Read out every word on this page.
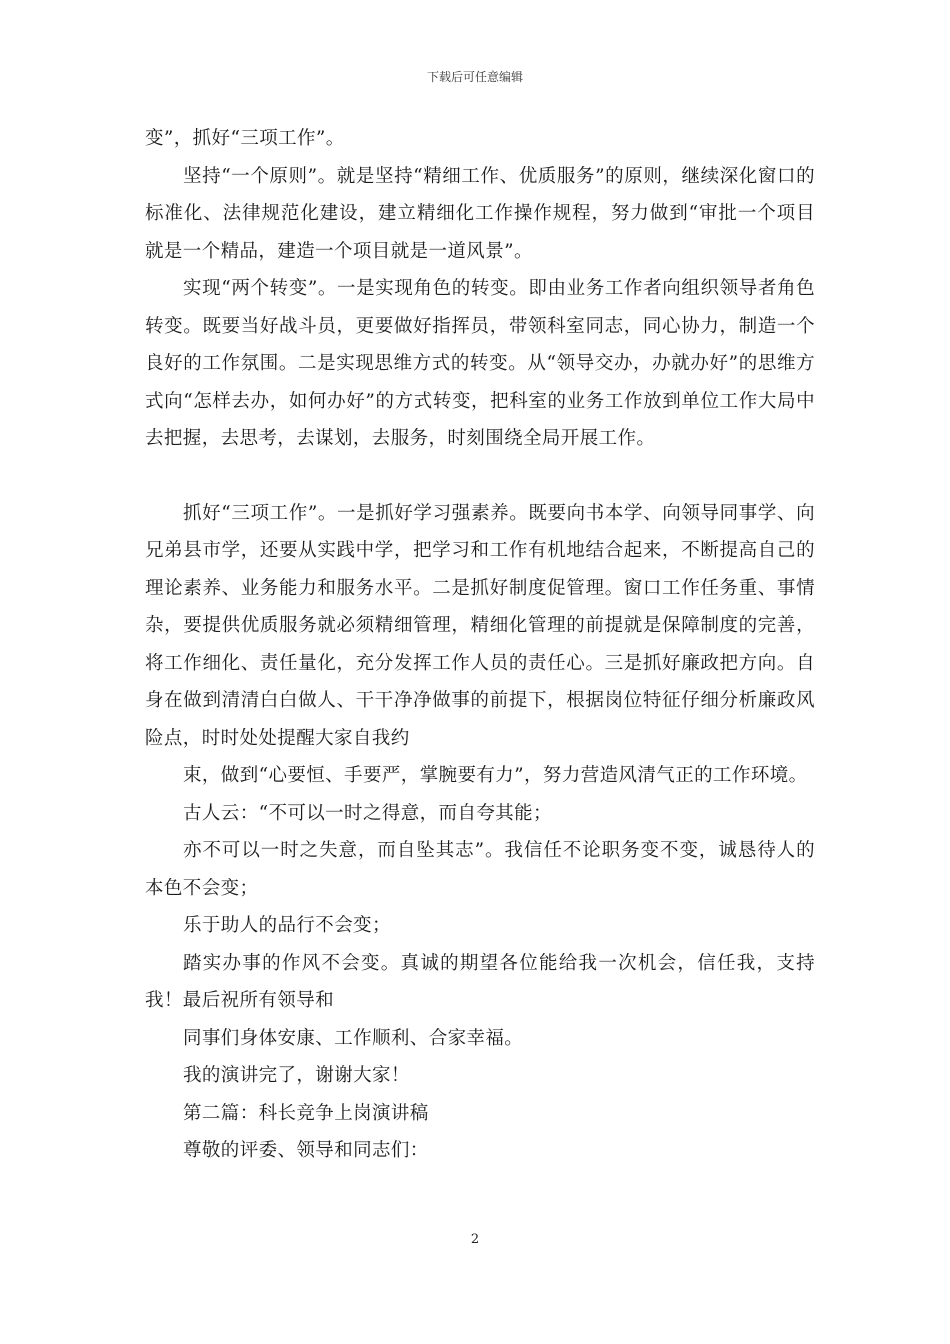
下载后可任意编辑

变”，抓好“三项工作”。

坚持“一个原则”。就是坚持“精细工作、优质服务”的原则，继续深化窗口的标准化、法律规范化建设，建立精细化工作操作规程，努力做到“审批一个项目就是一个精品，建造一个项目就是一道风景”。

实现“两个转变”。一是实现角色的转变。即由业务工作者向组织领导者角色转变。既要当好战斗员，更要做好指挥员，带领科室同志，同心协力，制造一个良好的工作氛围。二是实现思维方式的转变。从“领导交办，办就办好”的思维方式向“怎样去办，如何办好”的方式转变，把科室的业务工作放到单位工作大局中去把握，去思考，去谋划，去服务，时刻围绕全局开展工作。

抓好“三项工作”。一是抓好学习强素养。既要向书本学、向领导同事学、向兄弟县市学，还要从实践中学，把学习和工作有机地结合起来，不断提高自己的理论素养、业务能力和服务水平。二是抓好制度促管理。窗口工作任务重、事情杂，要提供优质服务就必须精细管理，精细化管理的前提就是保障制度的完善，将工作细化、责任量化，充分发挥工作人员的责任心。三是抓好廉政把方向。自身在做到清清白白做人、干干净净做事的前提下，根据岗位特征仔细分析廉政风险点，时时处处提醒大家自我约

束，做到“心要恒、手要严，掌腕要有力”，努力营造风清气正的工作环境。

古人云：“不可以一时之得意，而自夸其能；

亦不可以一时之失意，而自坠其志”。我信任不论职务变不变，诚恳待人的本色不会变；

乐于助人的品行不会变；

踏实办事的作风不会变。真诚的期望各位能给我一次机会，信任我，支持我！最后祝所有领导和

同事们身体安康、工作顺利、合家幸福。

我的演讲完了，谢谢大家！

第二篇：科长竞争上岗演讲稿

尊敬的评委、领导和同志们：

2
